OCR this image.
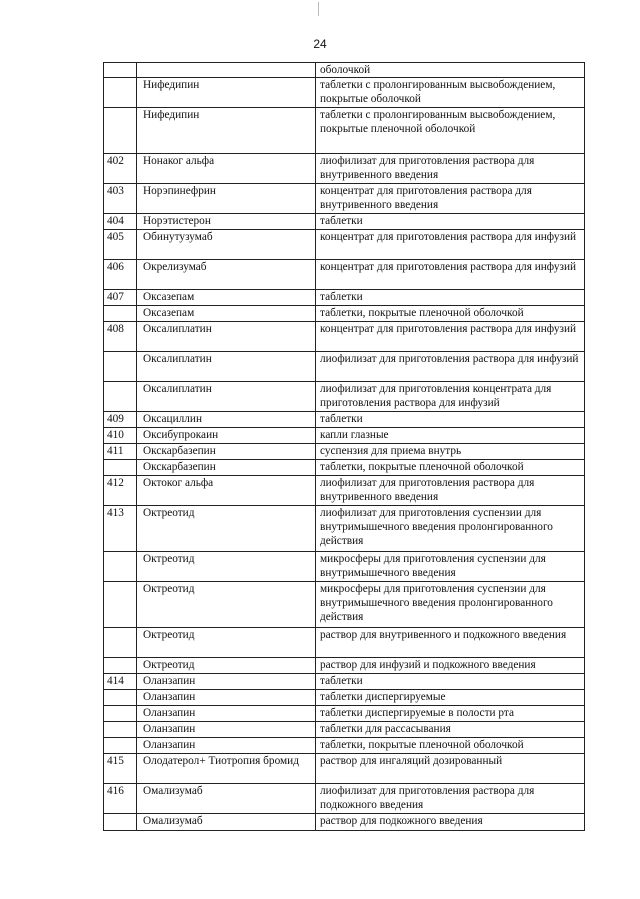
24
		оболочкой
	Нифедипин	таблетки с пролонгированным высвобождением, покрытые оболочкой
	Нифедипин	таблетки с пролонгированным высвобождением, покрытые пленочной оболочкой
402	Нонаког альфа	лиофилизат для приготовления раствора для внутривенного введения
403	Норэпинефрин	концентрат для приготовления раствора для внутривенного введения
404	Норэтистерон	таблетки
405	Обинутузумаб	концентрат для приготовления раствора для инфузий
406	Окрелизумаб	концентрат для приготовления раствора для инфузий
407	Оксазепам	таблетки
	Оксазепам	таблетки, покрытые пленочной оболочкой
408	Оксалиплатин	концентрат для приготовления раствора для инфузий
	Оксалиплатин	лиофилизат для приготовления раствора для инфузий
	Оксалиплатин	лиофилизат для приготовления концентрата для приготовления раствора для инфузий
409	Оксациллин	таблетки
410	Оксибупрокаин	капли глазные
411	Окскарбазепин	суспензия для приема внутрь
	Окскарбазепин	таблетки, покрытые пленочной оболочкой
412	Октоког альфа	лиофилизат для приготовления раствора для внутривенного введения
413	Октреотид	лиофилизат для приготовления суспензии для внутримышечного введения пролонгированного действия
	Октреотид	микросферы для приготовления суспензии для внутримышечного введения
	Октреотид	микросферы для приготовления суспензии для внутримышечного введения пролонгированного действия
	Октреотид	раствор для внутривенного и подкожного введения
	Октреотид	раствор для инфузий и подкожного введения
414	Оланзапин	таблетки
	Оланзапин	таблетки диспергируемые
	Оланзапин	таблетки диспергируемые в полости рта
	Оланзапин	таблетки для рассасывания
	Оланзапин	таблетки, покрытые пленочной оболочкой
415	Олодатерол+ Тиотропия бромид	раствор для ингаляций дозированный
416	Омализумаб	лиофилизат для приготовления раствора для подкожного введения
	Омализумаб	раствор для подкожного введения
